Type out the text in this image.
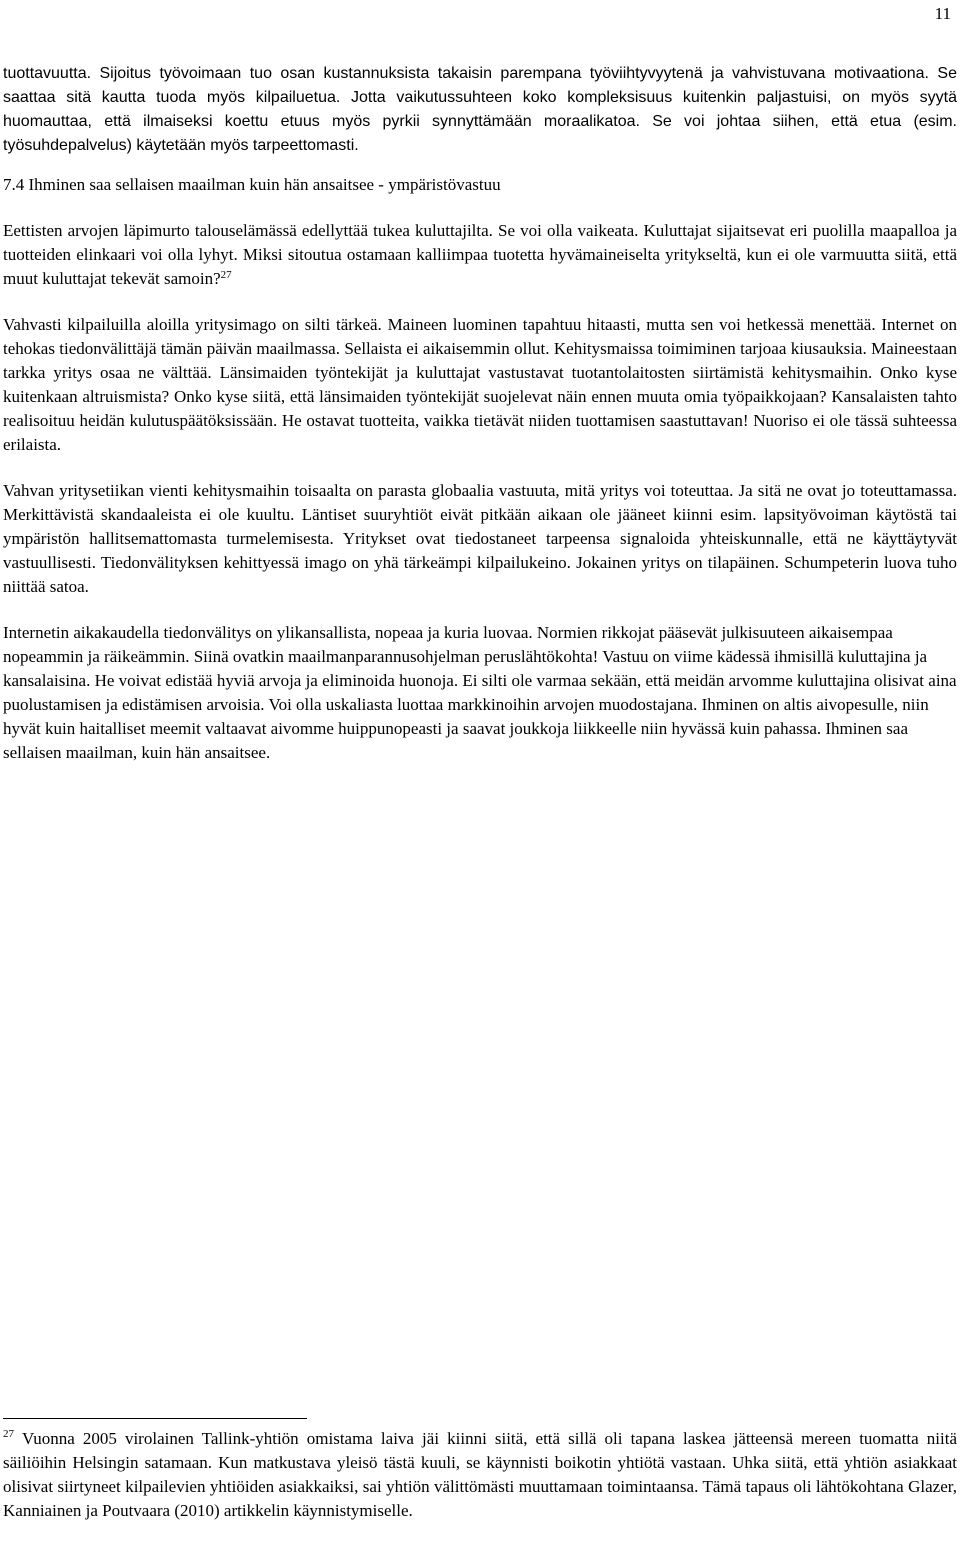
11

tuottavuutta. Sijoitus työvoimaan tuo osan kustannuksista takaisin parempana työviihtyvyytenä ja vahvistuvana motivaationa. Se saattaa sitä kautta tuoda myös kilpailuetua. Jotta vaikutussuhteen koko kompleksisuus kuitenkin paljastuisi, on myös syytä huomauttaa, että ilmaiseksi koettu etuus myös pyrkii synnyttämään moraalikatoa. Se voi johtaa siihen, että etua (esim. työsuhdepalvelus) käytetään myös tarpeettomasti.

7.4 Ihminen saa sellaisen maailman kuin hän ansaitsee - ympäristövastuu

Eettisten arvojen läpimurto talouselämässä edellyttää tukea kuluttajilta. Se voi olla vaikeata. Kuluttajat sijaitsevat eri puolilla maapalloa ja tuotteiden elinkaari voi olla lyhyt. Miksi sitoutua ostamaan kalliimpaa tuotetta hyvämaineiselta yritykseltä, kun ei ole varmuutta siitä, että muut kuluttajat tekevät samoin?$^{27}$

Vahvasti kilpailuilla aloilla yritysimago on silti tärkeä. Maineen luominen tapahtuu hitaasti, mutta sen voi hetkessä menettää. Internet on tehokas tiedonvälittäjä tämän päivän maailmassa. Sellaista ei aikaisemmin ollut. Kehitysmaissa toimiminen tarjoaa kiusauksia. Maineestaan tarkka yritys osaa ne välttää. Länsimaiden työntekijät ja kuluttajat vastustavat tuotantolaitosten siirtämistä kehitysmaihin. Onko kyse kuitenkaan altruismista? Onko kyse siitä, että länsimaiden työntekijät suojelevat näin ennen muuta omia työpaikkojaan? Kansalaisten tahto realisoituu heidän kulutuspäätöksissään. He ostavat tuotteita, vaikka tietävät niiden tuottamisen saastuttavan! Nuoriso ei ole tässä suhteessa erilaista.

Vahvan yritysetiikan vienti kehitysmaihin toisaalta on parasta globaalia vastuuta, mitä yritys voi toteuttaa. Ja sitä ne ovat jo toteuttamassa. Merkittävistä skandaaleista ei ole kuultu. Läntiset suuryhtiöt eivät pitkään aikaan ole jääneet kiinni esim. lapsityövoiman käytöstä tai ympäristön hallitsemattomasta turmelemisesta. Yritykset ovat tiedostaneet tarpeensa signaloida yhteiskunnalle, että ne käyttäytyvät vastuullisesti. Tiedonvälityksen kehittyessä imago on yhä tärkeämpi kilpailukeino. Jokainen yritys on tilapäinen. Schumpeterin luova tuho niittää satoa.

Internetin aikakaudella tiedonvälitys on ylikansallista, nopeaa ja kuria luovaa. Normien rikkojat pääsevät julkisuuteen aikaisempaa nopeammin ja räikeämmin. Siinä ovatkin maailmanparannusohjelman peruslähtökohta! Vastuu on viime kädessä ihmisillä kuluttajina ja kansalaisina. He voivat edistää hyviä arvoja ja eliminoida huonoja. Ei silti ole varmaa sekään, että meidän arvomme kuluttajina olisivat aina puolustamisen ja edistämisen arvoisia. Voi olla uskaliasta luottaa markkinoihin arvojen muodostajana. Ihminen on altis aivopesulle, niin hyvät kuin haitalliset meemit valtaavat aivomme huippunopeasti ja saavat joukkoja liikkeelle niin hyvässä kuin pahassa. Ihminen saa sellaisen maailman, kuin hän ansaitsee.

$^{27}$ Vuonna 2005 virolainen Tallink-yhtiön omistama laiva jäi kiinni siitä, että sillä oli tapana laskea jätteensä mereen tuomatta niitä säiliöihin Helsingin satamaan. Kun matkustava yleisö tästä kuuli, se käynnisti boikotin yhtiötä vastaan. Uhka siitä, että yhtiön asiakkaat olisivat siirtyneet kilpailevien yhtiöiden asiakkaiksi, sai yhtiön välittömästi muuttamaan toimintaansa. Tämä tapaus oli lähtökohtana Glazer, Kanniainen ja Poutvaara (2010) artikkelin käynnistymiselle.
